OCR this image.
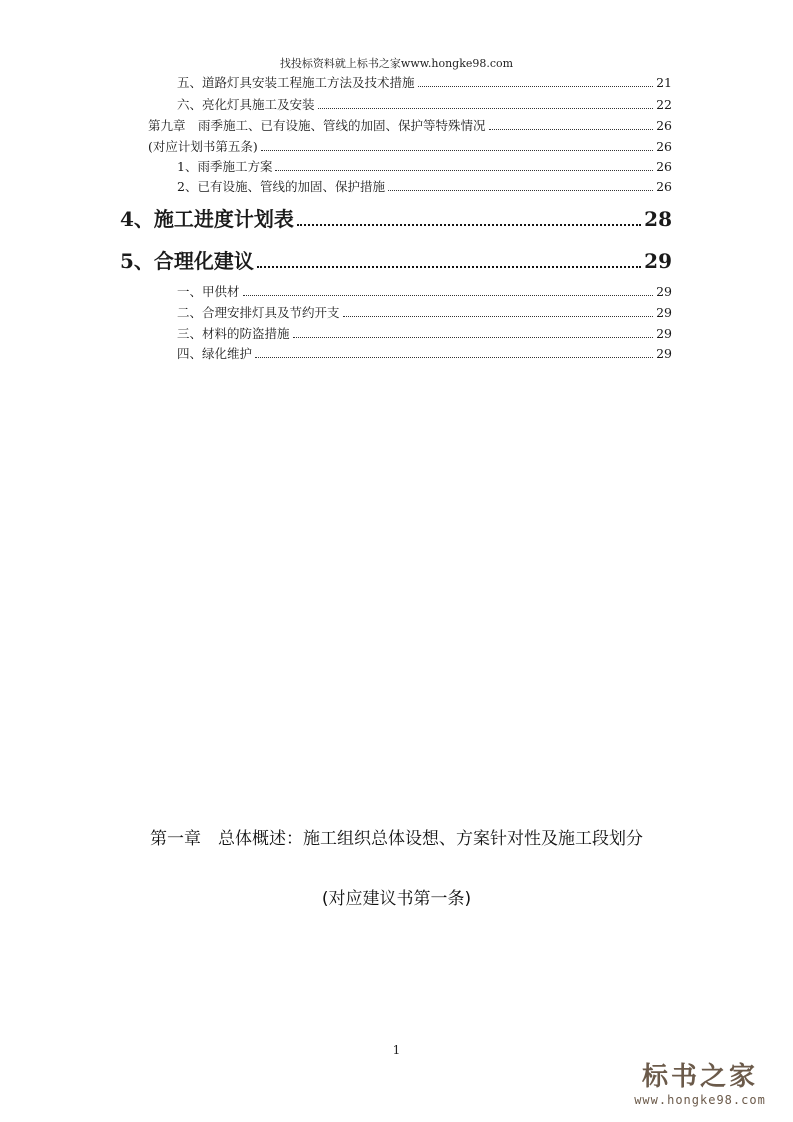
找投标资料就上标书之家www.hongke98.com
五、道路灯具安装工程施工方法及技术措施	21
六、亮化灯具施工及安装	22
第九章　雨季施工、已有设施、管线的加固、保护等特殊情况	26
(对应计划书第五条)	26
1、雨季施工方案	26
2、已有设施、管线的加固、保护措施	26
4、施工进度计划表	28
5、合理化建议	29
一、甲供材	29
二、合理安排灯具及节约开支	29
三、材料的防盗措施	29
四、绿化维护	29
第一章　总体概述：施工组织总体设想、方案针对性及施工段划分
(对应建议书第一条)
1
标书之家
www.hongke98.com
